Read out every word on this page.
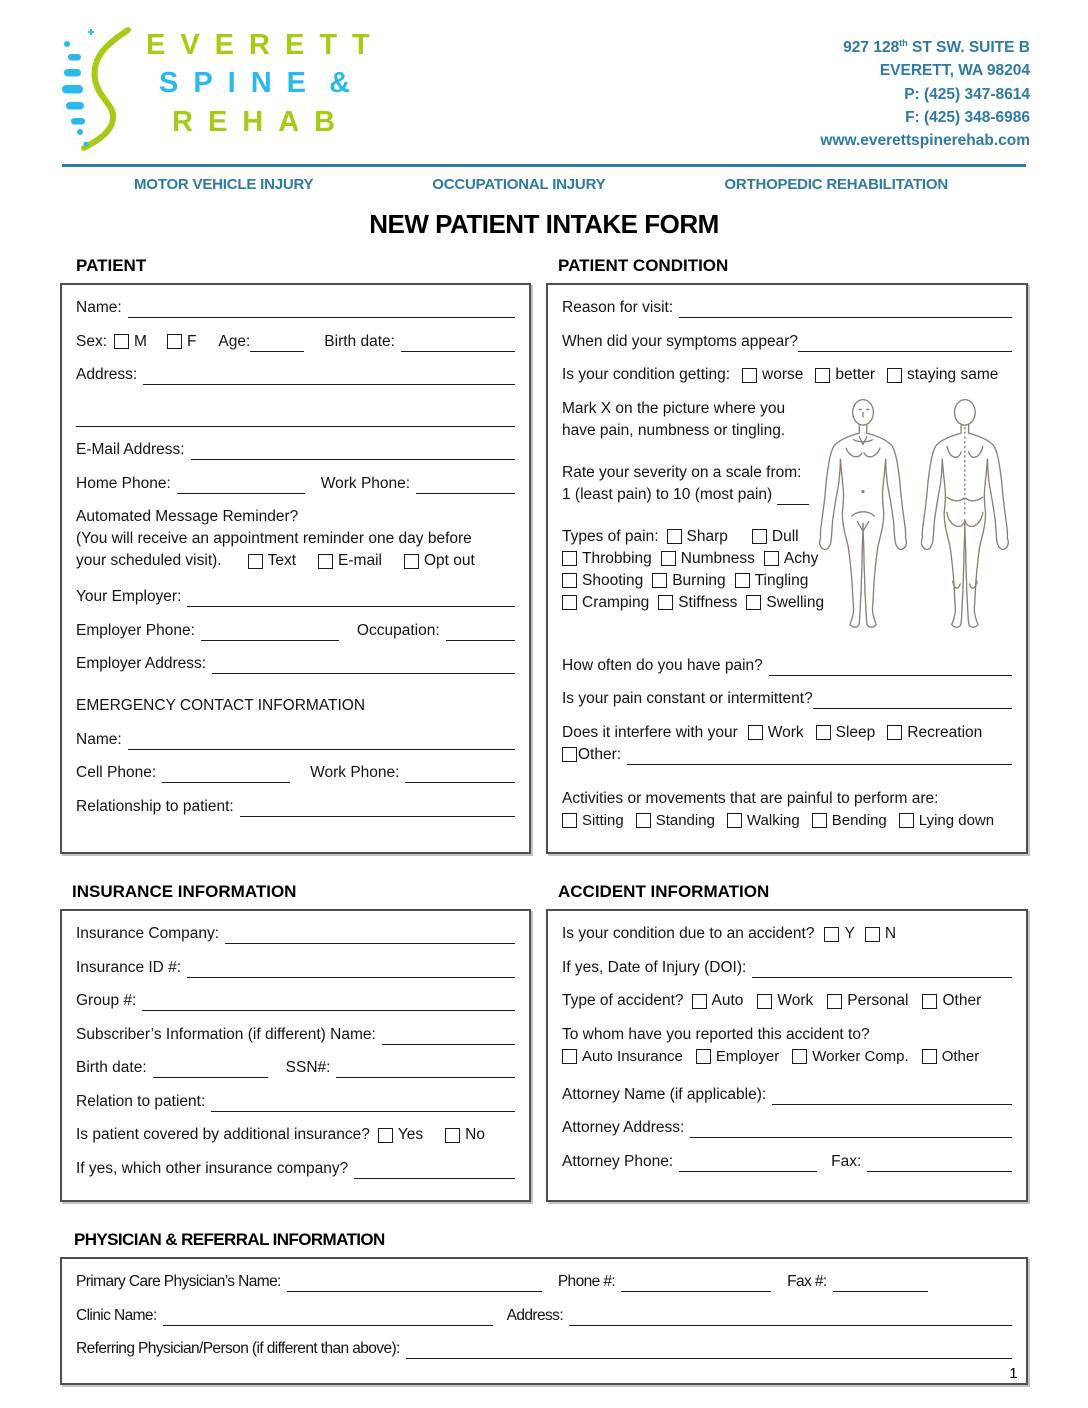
EVERETT
SPINE &
REHAB
927 128th ST SW. SUITE B
EVERETT, WA 98204
P: (425) 347-8614
F: (425) 348-6986
www.everettspinerehab.com
MOTOR VEHICLE INJURY	OCCUPATIONAL INJURY	ORTHOPEDIC REHABILITATION
NEW PATIENT INTAKE FORM
PATIENT
Name:
Sex: M	F Age:	Birth date:
Address:
E-Mail Address:
Home Phone:	Work Phone:
Automated Message Reminder?
(You will receive an appointment reminder one day before
your scheduled visit).	Text	E-mail	Opt out
Your Employer:
Employer Phone:	Occupation:
Employer Address:
EMERGENCY CONTACT INFORMATION
Name:
Cell Phone:	Work Phone:
Relationship to patient:
PATIENT CONDITION
Reason for visit:
When did your symptoms appear?
Is your condition getting: worse better staying same
Mark X on the picture where you
have pain, numbness or tingling.
Rate your severity on a scale from:
1 (least pain) to 10 (most pain)
Types of pain: Sharp	Dull
Throbbing Numbness Achy
Shooting Burning Tingling
Cramping Stiffness Swelling
How often do you have pain?
Is your pain constant or intermittent?
Does it interfere with your Work Sleep Recreation
Other:
Activities or movements that are painful to perform are:
Sitting Standing Walking Bending Lying down
INSURANCE INFORMATION
Insurance Company:
Insurance ID #:
Group #:
Subscriber’s Information (if different) Name:
Birth date:	SSN#:
Relation to patient:
Is patient covered by additional insurance? Yes	No
If yes, which other insurance company?
ACCIDENT INFORMATION
Is your condition due to an accident? Y N
If yes, Date of Injury (DOI):
Type of accident? Auto Work Personal Other
To whom have you reported this accident to?
Auto Insurance Employer Worker Comp. Other
Attorney Name (if applicable):
Attorney Address:
Attorney Phone:	Fax:
PHYSICIAN & REFERRAL INFORMATION
Primary Care Physician’s Name:	Phone #:	Fax #:
Clinic Name:	Address:
Referring Physician/Person (if different than above):
1
